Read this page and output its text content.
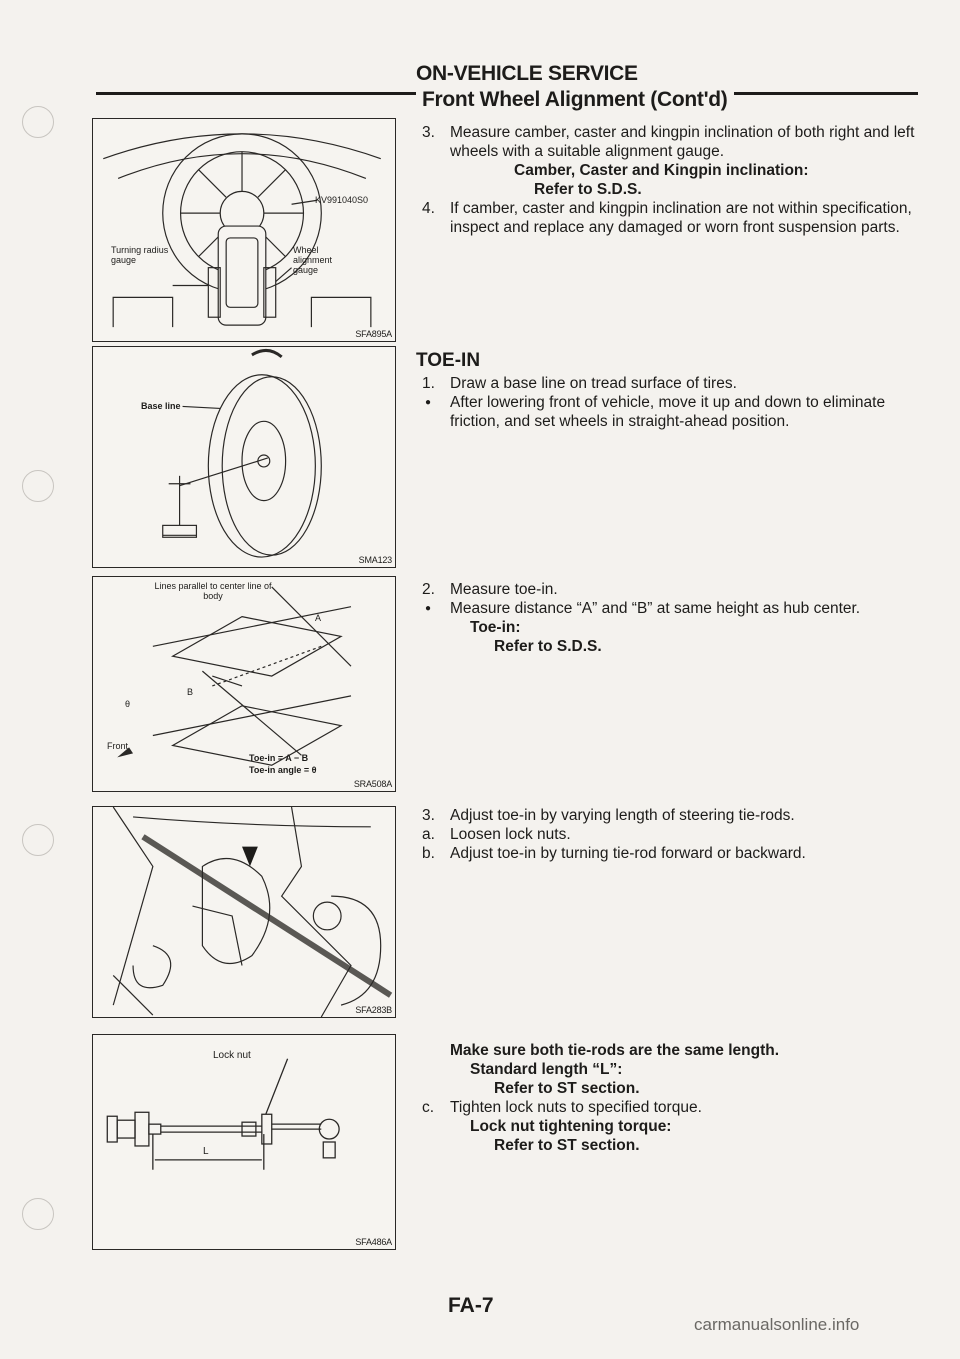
ON-VEHICLE SERVICE
Front Wheel Alignment (Cont'd)
KV991040S0
Turning radius gauge
Wheel alignment gauge
SFA895A
Base line
SMA123
Lines parallel to center line of body
A
B
θ
Front
Toe-in = A − B
Toe-in angle = θ
SRA508A
SFA283B
Lock nut
L
SFA486A

3. Measure camber, caster and kingpin inclination of both right and left wheels with a suitable alignment gauge.

Camber, Caster and Kingpin inclination:

Refer to S.D.S.

4. If camber, caster and kingpin inclination are not within specification, inspect and replace any damaged or worn front suspension parts.

TOE-IN

1. Draw a base line on tread surface of tires.

● After lowering front of vehicle, move it up and down to eliminate friction, and set wheels in straight-ahead position.

2. Measure toe-in.

● Measure distance “A” and “B” at same height as hub center.

Toe-in:

Refer to S.D.S.

3. Adjust toe-in by varying length of steering tie-rods.

a. Loosen lock nuts.

b. Adjust toe-in by turning tie-rod forward or backward.

Make sure both tie-rods are the same length.

Standard length “L”:

Refer to ST section.

c. Tighten lock nuts to specified torque.

Lock nut tightening torque:

Refer to ST section.

FA-7
carmanualsonline.info
